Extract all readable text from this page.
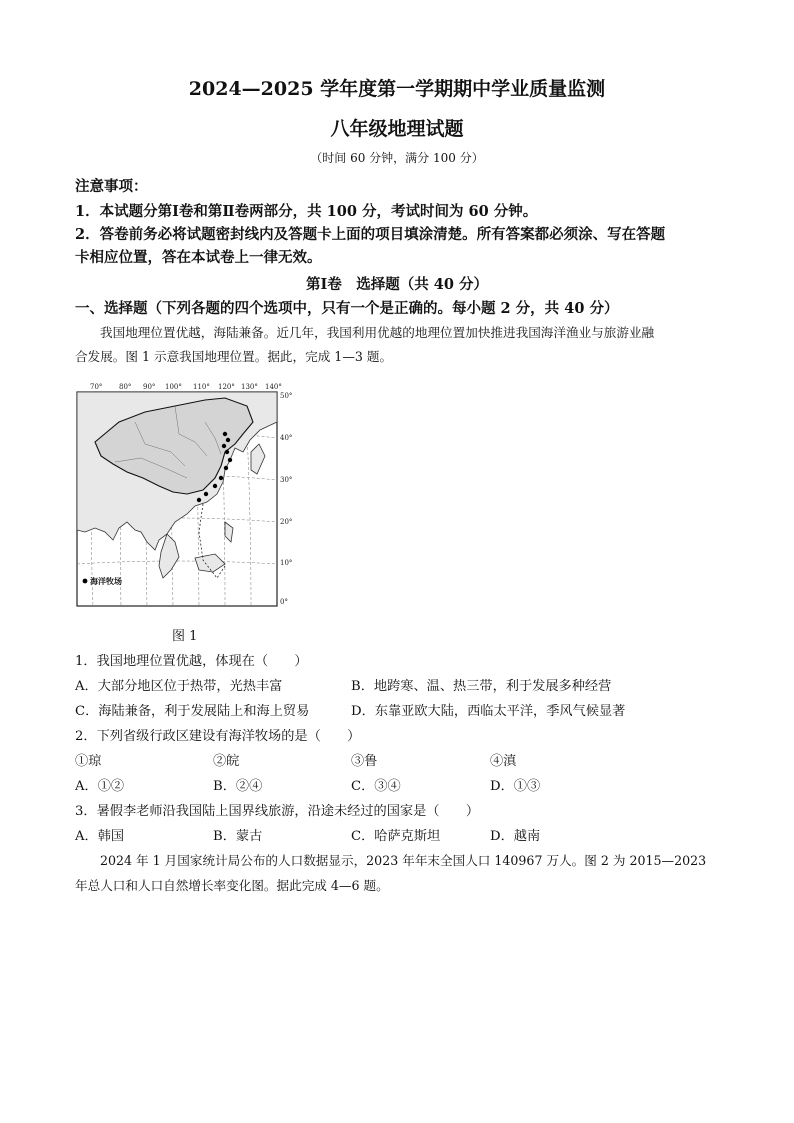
2024—2025 学年度第一学期期中学业质量监测
八年级地理试题
（时间 60 分钟，满分 100 分）
注意事项：
1．本试题分第Ⅰ卷和第Ⅱ卷两部分，共 100 分，考试时间为 60 分钟。
2．答卷前务必将试题密封线内及答题卡上面的项目填涂清楚。所有答案都必须涂、写在答题
卡相应位置，答在本试卷上一律无效。
第Ⅰ卷　选择题（共 40 分）
一、选择题（下列各题的四个选项中，只有一个是正确的。每小题 2 分，共 40 分）
我国地理位置优越，海陆兼备。近几年，我国利用优越的地理位置加快推进我国海洋渔业与旅游业融
合发展。图 1 示意我国地理位置。据此，完成 1—3 题。
70° 80° 90° 100° 110° 120° 130° 140°
50°
40°
30°
20°
10°
0°
海洋牧场
图 1
1．我国地理位置优越，体现在（　　）
A．大部分地区位于热带，光热丰富	B．地跨寒、温、热三带，利于发展多种经营
C．海陆兼备，利于发展陆上和海上贸易	D．东靠亚欧大陆，西临太平洋，季风气候显著
2．下列省级行政区建设有海洋牧场的是（　　）
①琼	②皖	③鲁	④滇
A．①②	B．②④	C．③④	D．①③
3．暑假李老师沿我国陆上国界线旅游，沿途未经过的国家是（　　）
A．韩国	B．蒙古	C．哈萨克斯坦	D．越南
2024 年 1 月国家统计局公布的人口数据显示，2023 年年末全国人口 140967 万人。图 2 为 2015—2023
年总人口和人口自然增长率变化图。据此完成 4—6 题。
